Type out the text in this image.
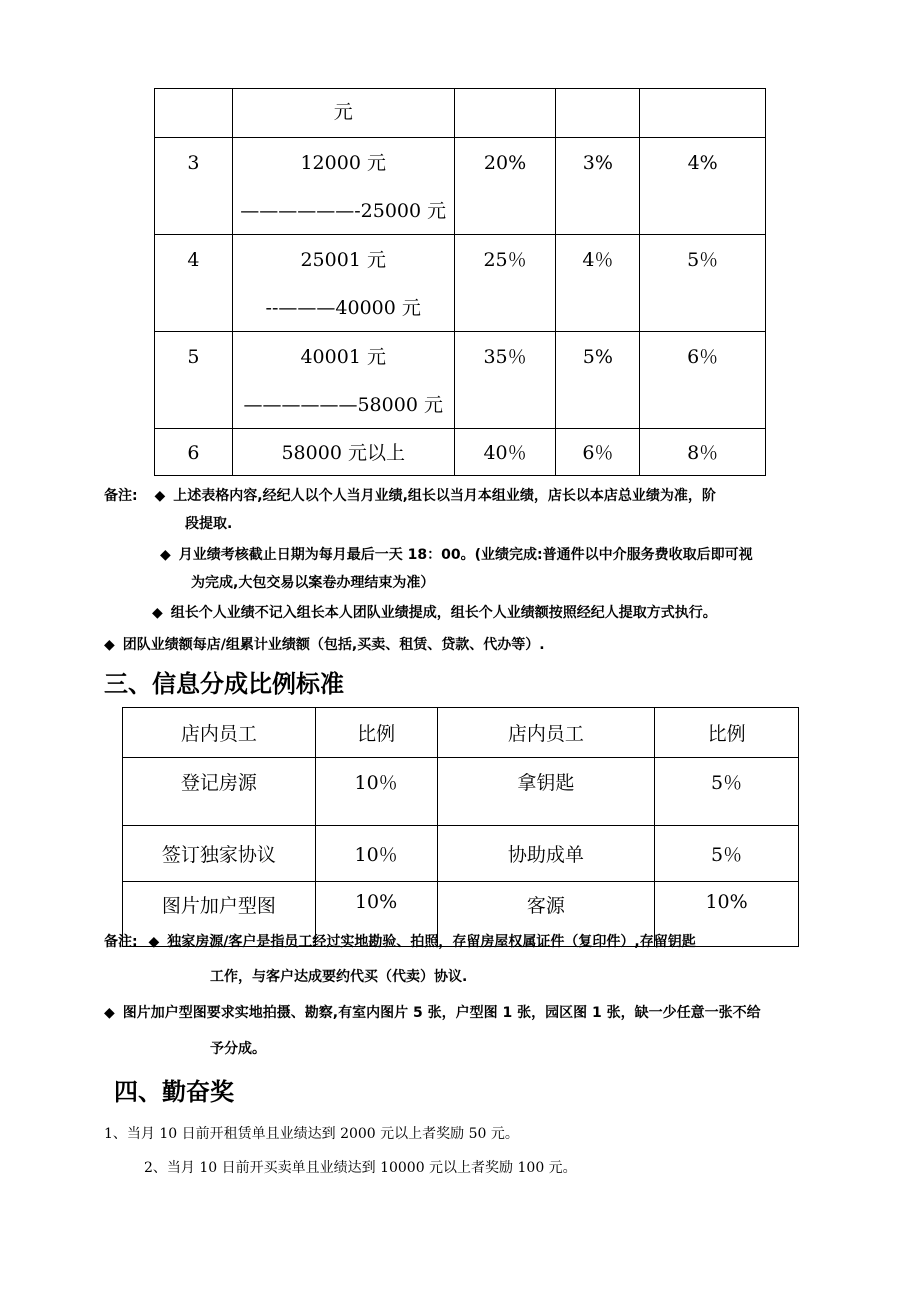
	元			

3	12000 元
——————-25000 元	20%	3%	4%

4	25001 元
--———40000 元	25％	4％	5％

5	40001 元
——————58000 元	35％	5%	6％

6	58000 元以上	40％	6％	8％
备注: ◆ 上述表格内容,经纪人以个人当月业绩,组长以当月本组业绩，店长以本店总业绩为准，阶
段提取.
◆ 月业绩考核截止日期为每月最后一天 18：00。(业绩完成:普通件以中介服务费收取后即可视
为完成,大包交易以案卷办理结束为准）
◆ 组长个人业绩不记入组长本人团队业绩提成，组长个人业绩额按照经纪人提取方式执行。
◆ 团队业绩额每店/组累计业绩额（包括,买卖、租赁、贷款、代办等）.
三、信息分成比例标准
店内员工	比例	店内员工	比例
登记房源	10％	拿钥匙	5％
签订独家协议	10％	协助成单	5％
图片加户型图	10%	客源	10%
备注: ◆ 独家房源/客户是指员工经过实地勘验、拍照，存留房屋权属证件（复印件）,存留钥匙
工作，与客户达成要约代买（代卖）协议.
◆ 图片加户型图要求实地拍摄、勘察,有室内图片 5 张，户型图 1 张，园区图 1 张，缺一少任意一张不给
予分成。
四、勤奋奖
1、当月 10 日前开租赁单且业绩达到 2000 元以上者奖励 50 元。
2、当月 10 日前开买卖单且业绩达到 10000 元以上者奖励 100 元。
